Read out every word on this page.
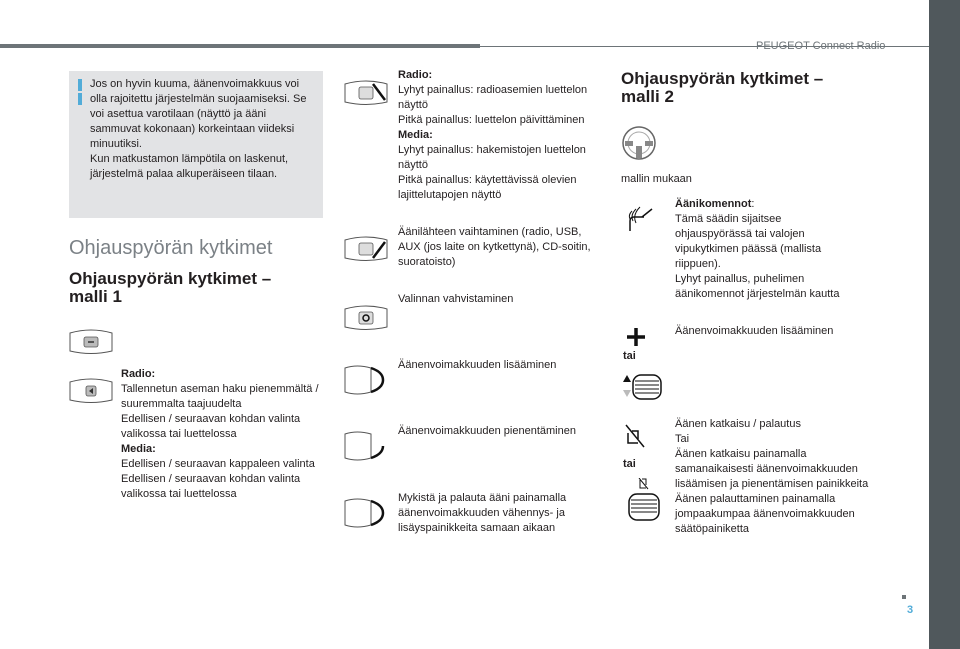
PEUGEOT Connect Radio
Jos on hyvin kuuma, äänenvoimakkuus voi olla rajoitettu järjestelmän suojaamiseksi. Se voi asettua varotilaan (näyttö ja ääni sammuvat kokonaan) korkeintaan viideksi minuutiksi.
Kun matkustamon lämpötila on laskenut, järjestelmä palaa alkuperäiseen tilaan.
Ohjauspyörän kytkimet
Ohjauspyörän kytkimet – malli 1
Radio:
Tallennetun aseman haku pienemmältä / suuremmalta taajuudelta
Edellisen / seuraavan kohdan valinta valikossa tai luettelossa
Media:
Edellisen / seuraavan kappaleen valinta
Edellisen / seuraavan kohdan valinta valikossa tai luettelossa
Radio:
Lyhyt painallus: radioasemien luettelon näyttö
Pitkä painallus: luettelon päivittäminen
Media:
Lyhyt painallus: hakemistojen luettelon näyttö
Pitkä painallus: käytettävissä olevien lajittelutapojen näyttö
Äänilähteen vaihtaminen (radio, USB, AUX (jos laite on kytkettynä), CD-soitin, suoratoisto)
Valinnan vahvistaminen
Äänenvoimakkuuden lisääminen
Äänenvoimakkuuden pienentäminen
Mykistä ja palauta ääni painamalla äänenvoimakkuuden vähennys- ja lisäyspainikkeita samaan aikaan
Ohjauspyörän kytkimet – malli 2
mallin mukaan
Äänikomennot:
Tämä säädin sijaitsee ohjauspyörässä tai valojen vipukytkimen päässä (mallista riippuen).
Lyhyt painallus, puhelimen äänikomennot järjestelmän kautta
tai
Äänenvoimakkuuden lisääminen
tai
Äänen katkaisu / palautus
Tai
Äänen katkaisu painamalla samanaikaisesti äänenvoimakkuuden lisäämisen ja pienentämisen painikkeita
Äänen palauttaminen painamalla jompaakumpaa äänenvoimakkuuden säätöpainiketta
3
